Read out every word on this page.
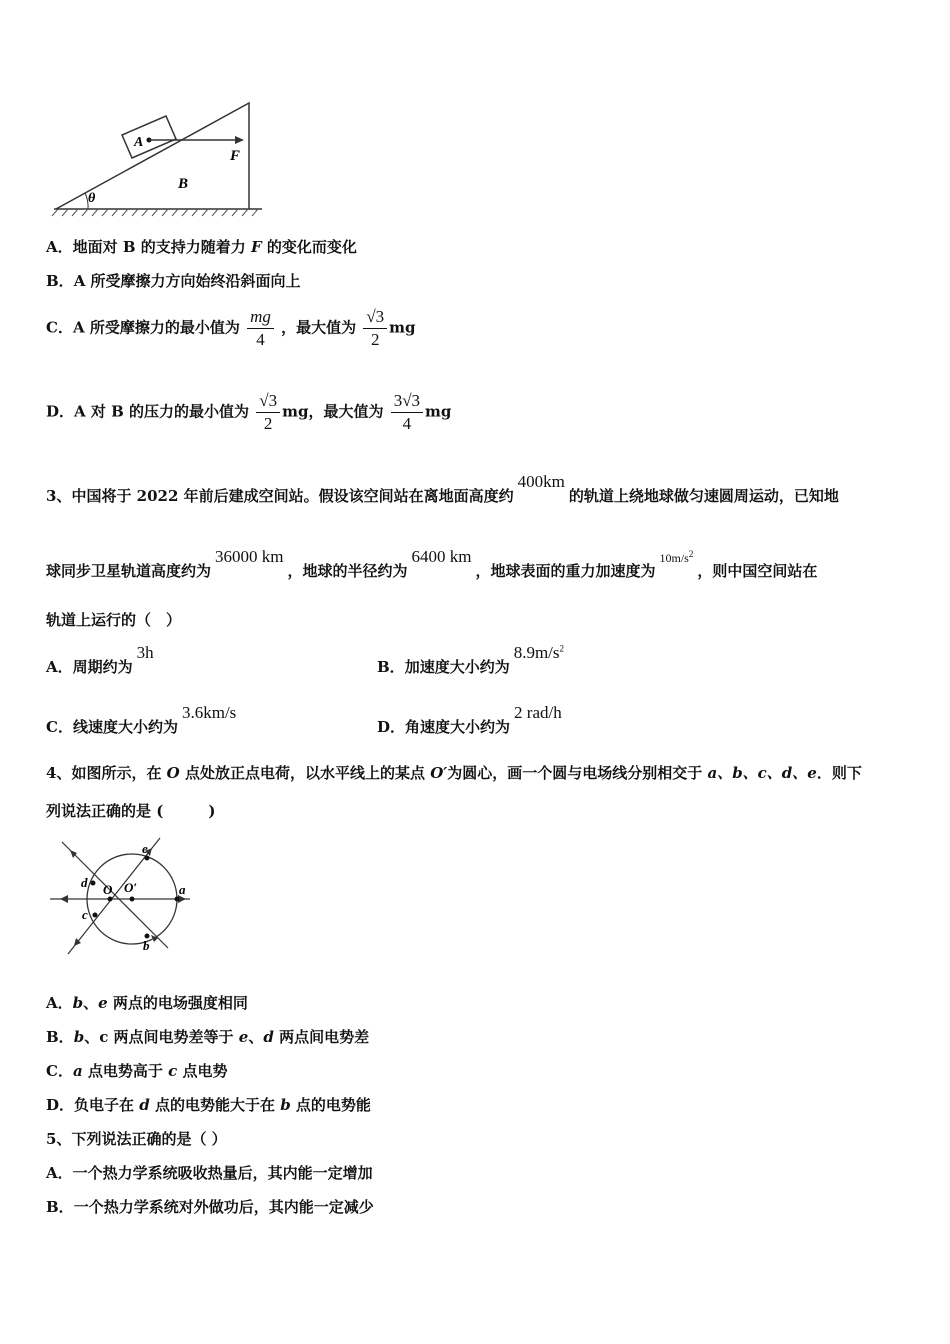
A
B
F
θ
A．地面对 B 的支持力随着力 F 的变化而变化
B．A 所受摩擦力方向始终沿斜面向上
C．A 所受摩擦力的最小值为 $\frac{mg}{4}$ ，最大值为 $\frac{√3}{2}$ mg
D．A 对 B 的压力的最小值为 $\frac{√3}{2}$ mg，最大值为 $\frac{3√3}{4}$ mg
3、中国将于 2022 年前后建成空间站。假设该空间站在离地面高度约400km的轨道上绕地球做匀速圆周运动，已知地
球同步卫星轨道高度约为36000 km，地球的半径约为6400 km，地球表面的重力加速度为$^{10m/s^2}$，则中国空间站在
轨道上运行的（　）
A．周期约为3h
B．加速度大小约为$8.9m/s^2$
C．线速度大小约为3.6km/s
D．角速度大小约为2 rad/h
4、如图所示，在 O 点处放正点电荷，以水平线上的某点 O′为圆心，画一个圆与电场线分别相交于 a、b、c、d、e．则下
列说法正确的是 (　　　)
e
d O O′	a
c
b
A．b、e 两点的电场强度相同
B．b、c 两点间电势差等于 e、d 两点间电势差
C．a 点电势高于 c 点电势
D．负电子在 d 点的电势能大于在 b 点的电势能
5、下列说法正确的是（ ）
A．一个热力学系统吸收热量后，其内能一定增加
B．一个热力学系统对外做功后，其内能一定减少
